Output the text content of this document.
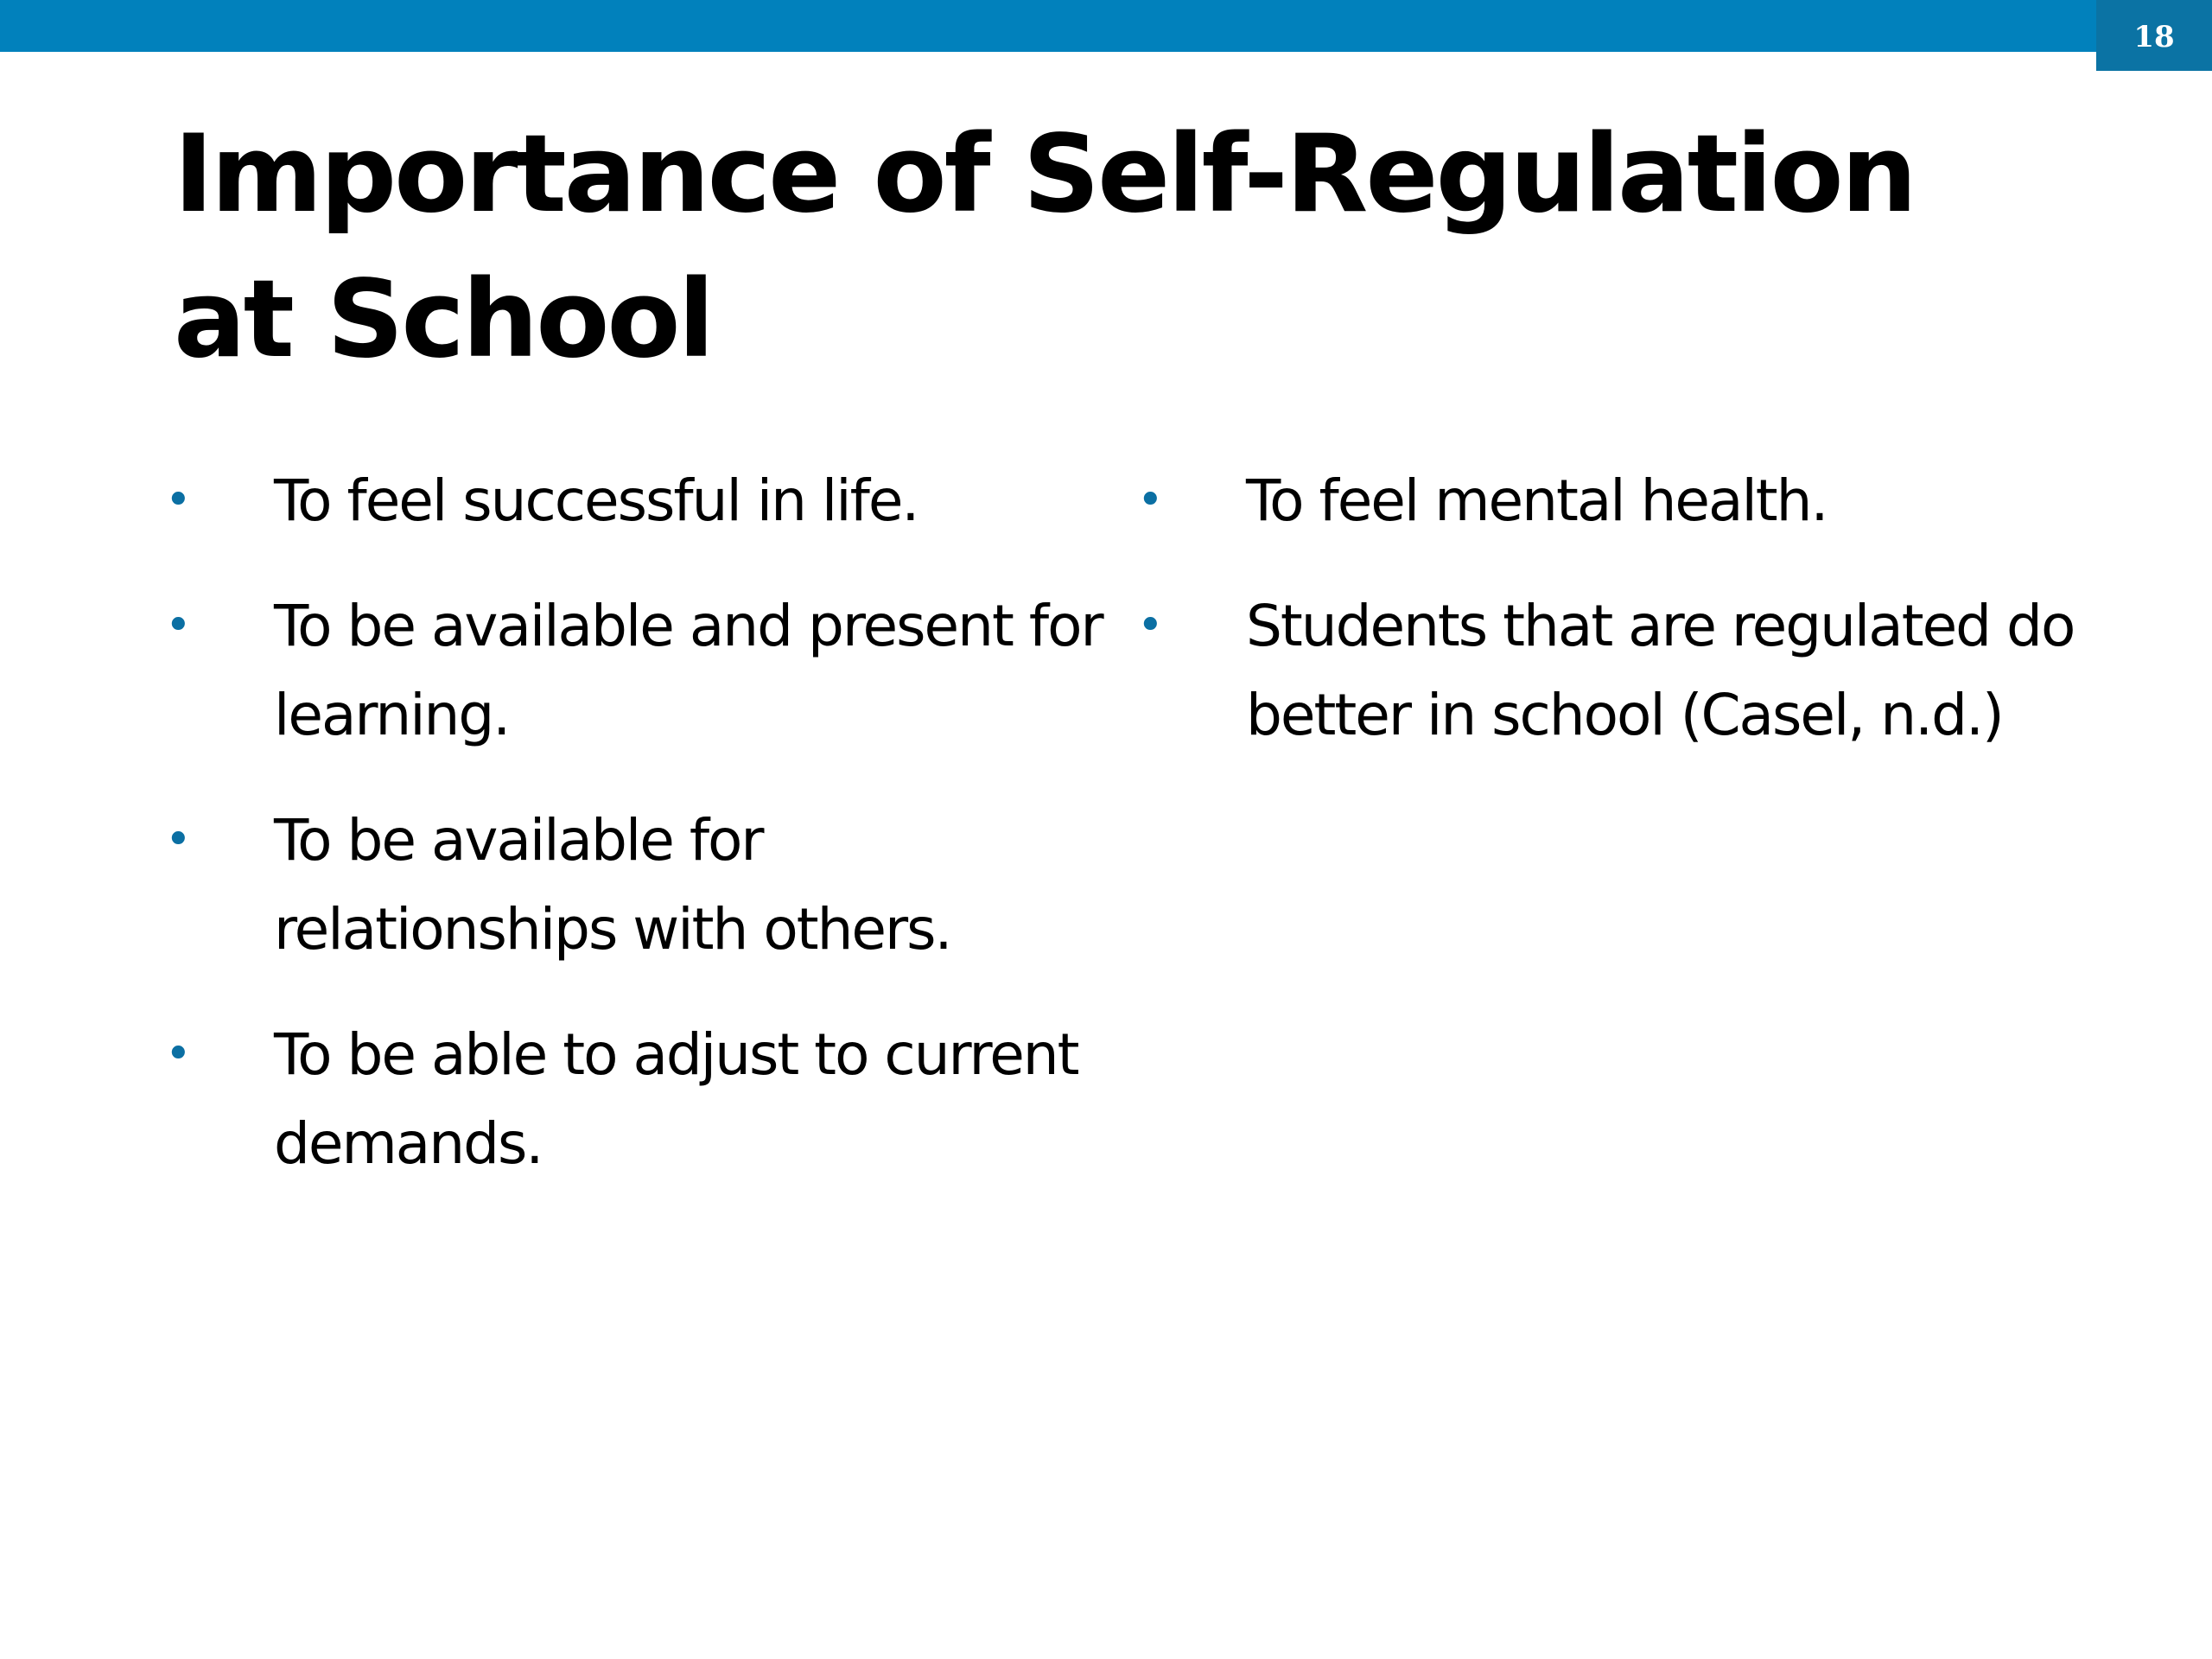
18
Importance of Self-Regulation at School
• To feel successful in life.
• To be available and present for learning.
• To be available for relationships with others.
• To be able to adjust to current demands.
• To feel mental health.
• Students that are regulated do better in school (Casel, n.d.)
